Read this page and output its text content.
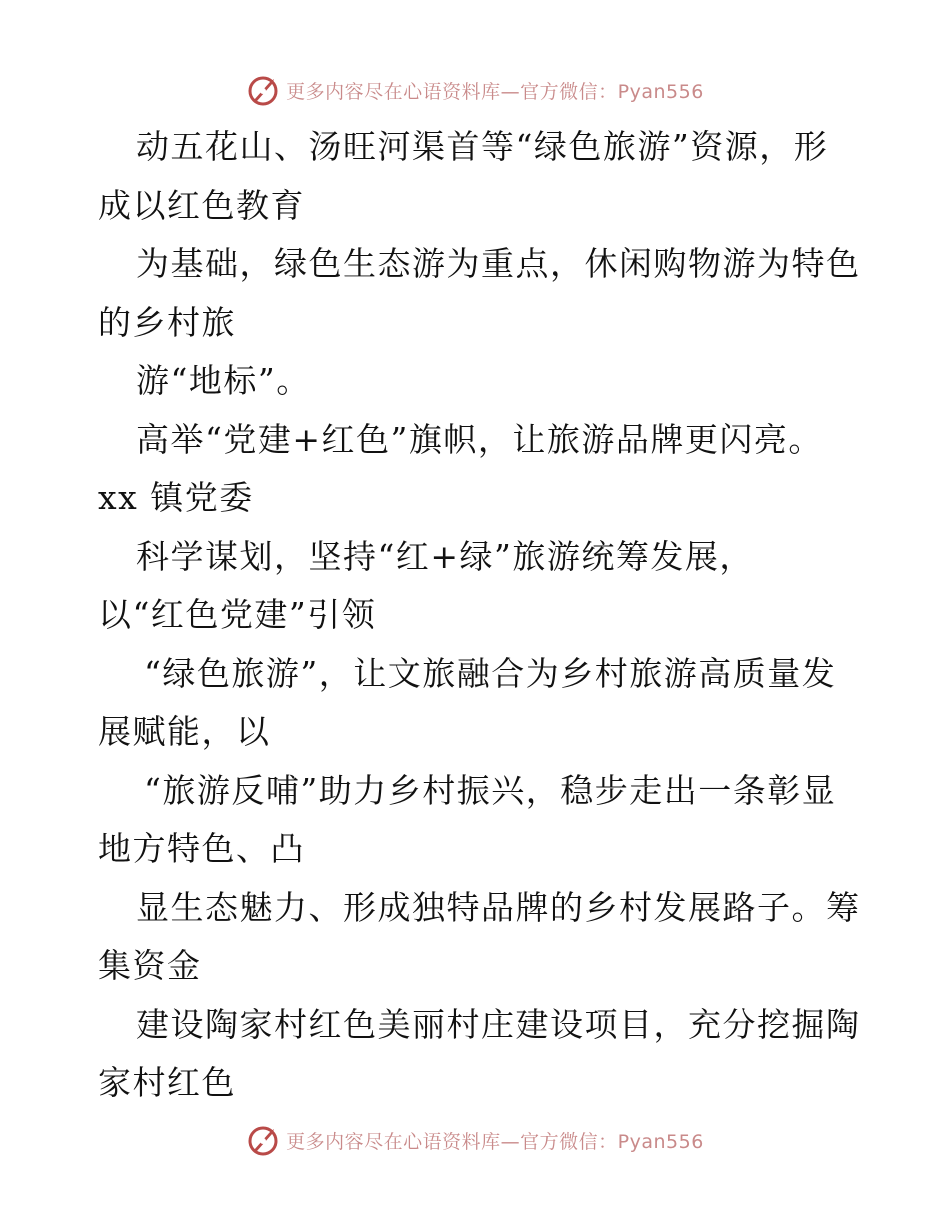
更多内容尽在心语资料库—官方微信：Pyan556
动五花山、汤旺河渠首等“绿色旅游”资源，形
成以红色教育
为基础，绿色生态游为重点，休闲购物游为特色
的乡村旅
游“地标”。
高举“党建+红色”旗帜，让旅游品牌更闪亮。
xx 镇党委
科学谋划，坚持“红+绿”旅游统筹发展，
以“红色党建”引领
“绿色旅游”，让文旅融合为乡村旅游高质量发
展赋能，以
“旅游反哺”助力乡村振兴，稳步走出一条彰显
地方特色、凸
显生态魅力、形成独特品牌的乡村发展路子。筹
集资金
建设陶家村红色美丽村庄建设项目，充分挖掘陶
家村红色
更多内容尽在心语资料库—官方微信：Pyan556
